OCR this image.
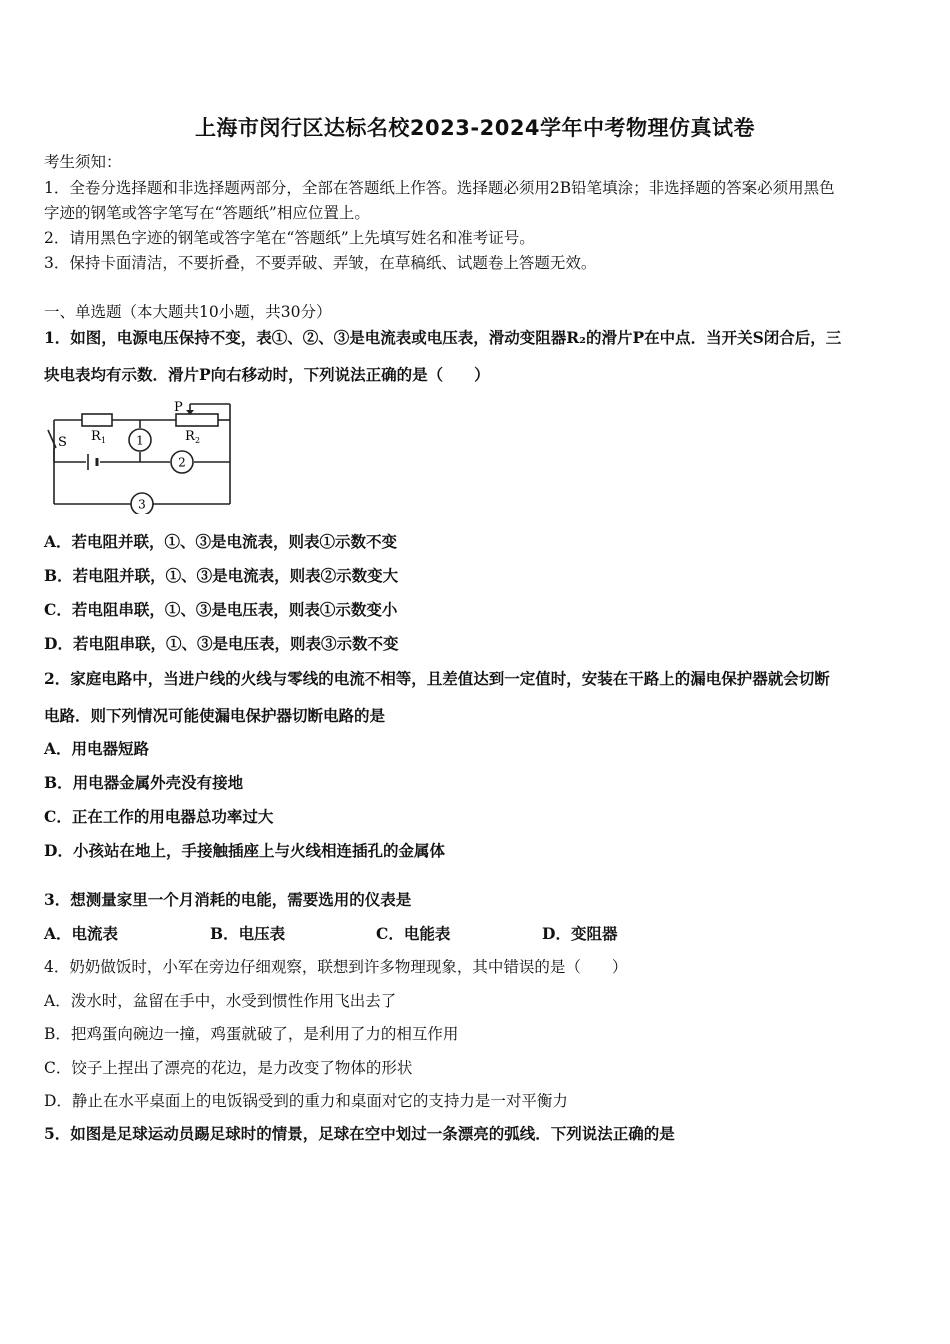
上海市闵行区达标名校2023-2024学年中考物理仿真试卷
考生须知：
1．全卷分选择题和非选择题两部分，全部在答题纸上作答。选择题必须用2B铅笔填涂；非选择题的答案必须用黑色
字迹的钢笔或答字笔写在“答题纸”相应位置上。
2．请用黑色字迹的钢笔或答字笔在“答题纸”上先填写姓名和准考证号。
3．保持卡面清洁，不要折叠，不要弄破、弄皱，在草稿纸、试题卷上答题无效。
一、单选题（本大题共10小题，共30分）
1．如图，电源电压保持不变，表①、②、③是电流表或电压表，滑动变阻器R₂的滑片P在中点．当开关S闭合后，三
块电表均有示数．滑片P向右移动时，下列说法正确的是（　　）
P
S R 1	R 2
1
2
3
A．若电阻并联，①、③是电流表，则表①示数不变
B．若电阻并联，①、③是电流表，则表②示数变大
C．若电阻串联，①、③是电压表，则表①示数变小
D．若电阻串联，①、③是电压表，则表③示数不变
2．家庭电路中，当进户线的火线与零线的电流不相等，且差值达到一定值时，安装在干路上的漏电保护器就会切断
电路．则下列情况可能使漏电保护器切断电路的是
A．用电器短路
B．用电器金属外壳没有接地
C．正在工作的用电器总功率过大
D．小孩站在地上，手接触插座上与火线相连插孔的金属体
3．想测量家里一个月消耗的电能，需要选用的仪表是
A．电流表	B．电压表	C．电能表	D．变阻器
4．奶奶做饭时，小军在旁边仔细观察，联想到许多物理现象，其中错误的是（　　）
A．泼水时，盆留在手中，水受到惯性作用飞出去了
B．把鸡蛋向碗边一撞，鸡蛋就破了，是利用了力的相互作用
C．饺子上捏出了漂亮的花边，是力改变了物体的形状
D．静止在水平桌面上的电饭锅受到的重力和桌面对它的支持力是一对平衡力
5．如图是足球运动员踢足球时的情景，足球在空中划过一条漂亮的弧线．下列说法正确的是
